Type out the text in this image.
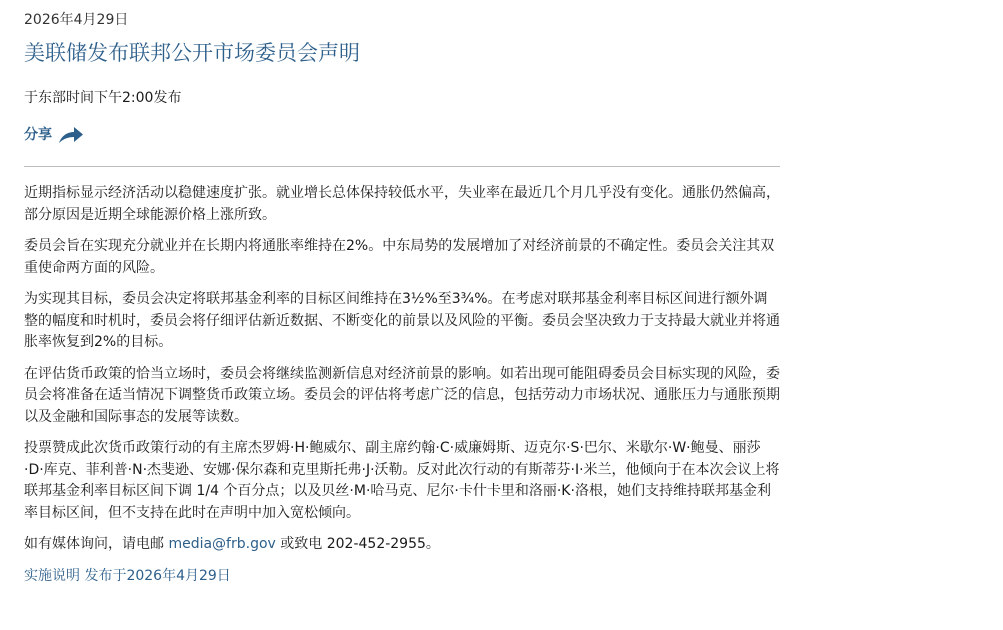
2026年4月29日
美联储发布联邦公开市场委员会声明
于东部时间下午2:00发布
分享

近期指标显示经济活动以稳健速度扩张。就业增长总体保持较低水平，失业率在最近几个月几乎没有变化。通胀仍然偏高，部分原因是近期全球能源价格上涨所致。

委员会旨在实现充分就业并在长期内将通胀率维持在2%。中东局势的发展增加了对经济前景的不确定性。委员会关注其双重使命两方面的风险。

为实现其目标，委员会决定将联邦基金利率的目标区间维持在3½%至3¾%。在考虑对联邦基金利率目标区间进行额外调整的幅度和时机时，委员会将仔细评估新近数据、不断变化的前景以及风险的平衡。委员会坚决致力于支持最大就业并将通胀率恢复到2%的目标。

在评估货币政策的恰当立场时，委员会将继续监测新信息对经济前景的影响。如若出现可能阻碍委员会目标实现的风险，委员会将准备在适当情况下调整货币政策立场。委员会的评估将考虑广泛的信息，包括劳动力市场状况、通胀压力与通胀预期以及金融和国际事态的发展等读数。

投票赞成此次货币政策行动的有主席杰罗姆·H·鲍威尔、副主席约翰·C·威廉姆斯、迈克尔·S·巴尔、米歇尔·W·鲍曼、丽莎·D·库克、菲利普·N·杰斐逊、安娜·保尔森和克里斯托弗·J·沃勒。反对此次行动的有斯蒂芬·I·米兰，他倾向于在本次会议上将联邦基金利率目标区间下调 1/4 个百分点；以及贝丝·M·哈马克、尼尔·卡什卡里和洛丽·K·洛根，她们支持维持联邦基金利率目标区间，但不支持在此时在声明中加入宽松倾向。

如有媒体询问，请电邮 media@frb.gov 或致电 202-452-2955。

实施说明 发布于2026年4月29日
